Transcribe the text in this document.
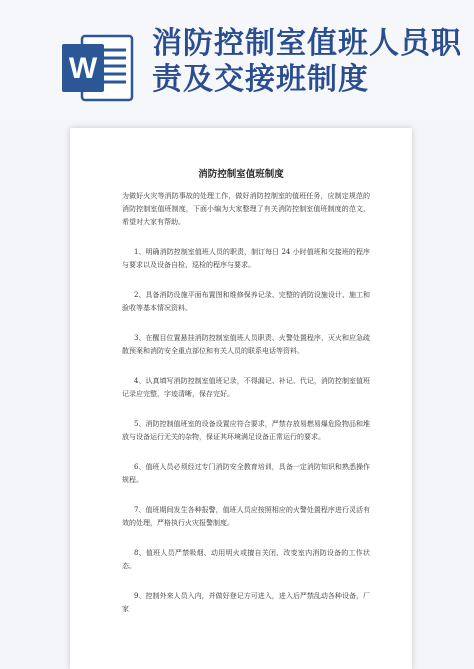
W
消防控制室值班人员职责及交接班制度
消防控制室值班制度

为做好火灾等消防事故的处理工作，做好消防控制室的值班任务，应制定规范的消防控制室值班制度，下面小编为大家整理了有关消防控制室值班制度的范文，希望对大家有帮助。

1、明确消防控制室值班人员的职责，制订每日 24 小时值班和交接班的程序与要求以及设备自检、巡检的程序与要求。

2、具备消防设施平面布置图和维修保养记录、完整的消防设施设计、施工和验收等基本情况资料。

3、在醒目位置悬挂消防控制室值班人员职责、火警处置程序、灭火和应急疏散预案和消防安全重点部位和有关人员的联系电话等资料。

4、认真填写消防控制室值班记录，不得漏记、补记、代记，消防控制室值班记录应完整，字迹清晰，保存完好。

5、消防控制值班室的设备设置应符合要求，严禁存放易燃易爆危险物品和堆放与设备运行无关的杂物，保证其环境满足设备正常运行的要求。

6、值班人员必须经过专门消防安全教育培训，具备一定消防知识和熟悉操作规程。

7、值班期间发生各种报警，值班人员应按照相应的火警处置程序进行灵活有效的处理，严格执行火灾报警制度。

8、值班人员严禁吸烟、动用明火或擅自关闭、改变室内消防设备的工作状态。

9、控制外来人员入内，并做好登记方可进入，进入后严禁乱动各种设备，厂家
